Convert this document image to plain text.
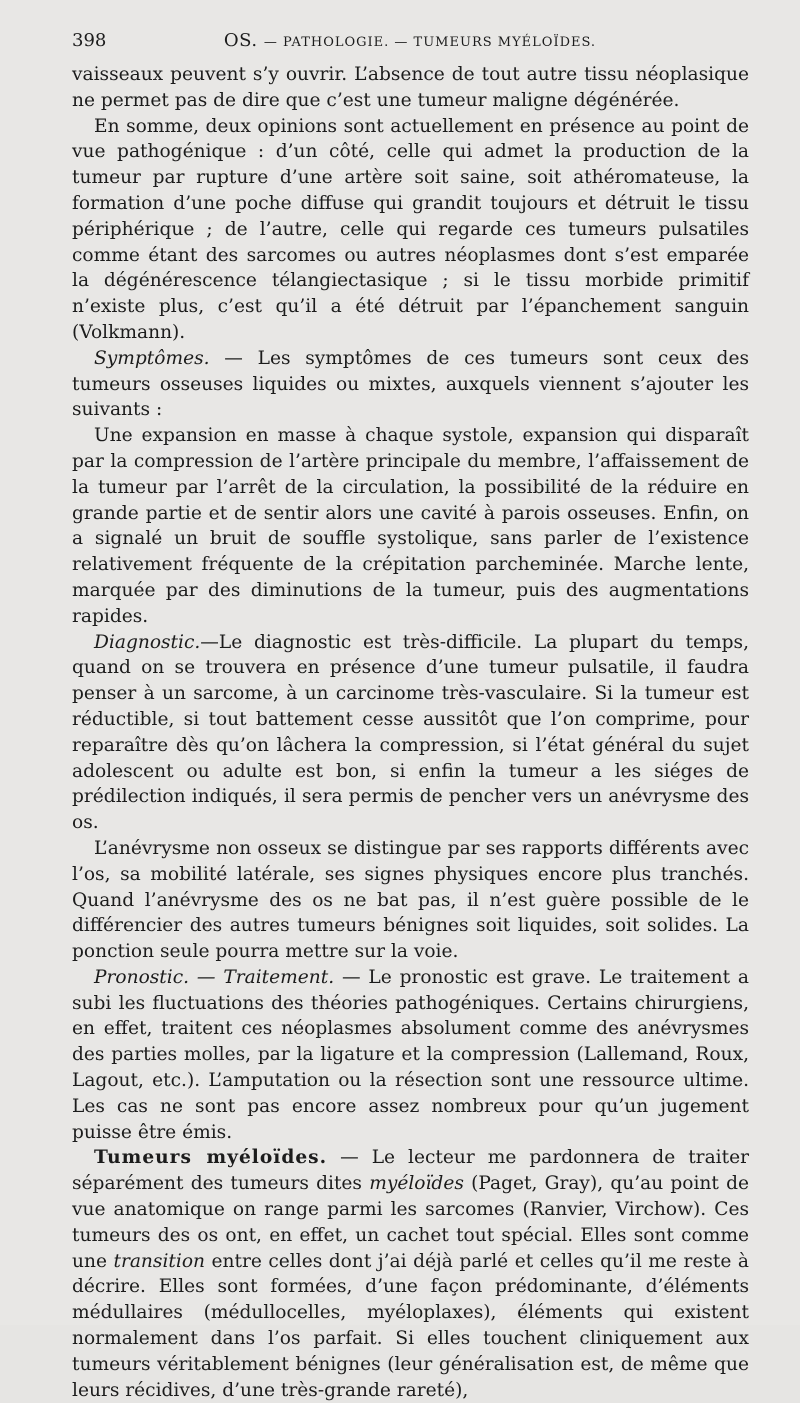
398	OS. — PATHOLOGIE. — TUMEURS MYÉLOÏDES.

vaisseaux peuvent s’y ouvrir. L’absence de tout autre tissu néoplasique ne permet pas de dire que c’est une tumeur maligne dégénérée.

En somme, deux opinions sont actuellement en présence au point de vue pathogénique : d’un côté, celle qui admet la production de la tumeur par rupture d’une artère soit saine, soit athéromateuse, la formation d’une poche diffuse qui grandit toujours et détruit le tissu périphérique ; de l’autre, celle qui regarde ces tumeurs pulsatiles comme étant des sarcomes ou autres néoplasmes dont s’est emparée la dégénérescence télangiectasique ; si le tissu morbide primitif n’existe plus, c’est qu’il a été détruit par l’épanchement sanguin (Volkmann).

Symptômes. — Les symptômes de ces tumeurs sont ceux des tumeurs osseuses liquides ou mixtes, auxquels viennent s’ajouter les suivants :

Une expansion en masse à chaque systole, expansion qui disparaît par la compression de l’artère principale du membre, l’affaissement de la tumeur par l’arrêt de la circulation, la possibilité de la réduire en grande partie et de sentir alors une cavité à parois osseuses. Enfin, on a signalé un bruit de souffle systolique, sans parler de l’existence relativement fréquente de la crépitation parcheminée. Marche lente, marquée par des diminutions de la tumeur, puis des augmentations rapides.

Diagnostic.—Le diagnostic est très-difficile. La plupart du temps, quand on se trouvera en présence d’une tumeur pulsatile, il faudra penser à un sarcome, à un carcinome très-vasculaire. Si la tumeur est réductible, si tout battement cesse aussitôt que l’on comprime, pour reparaître dès qu’on lâchera la compression, si l’état général du sujet adolescent ou adulte est bon, si enfin la tumeur a les siéges de prédilection indiqués, il sera permis de pencher vers un anévrysme des os.

L’anévrysme non osseux se distingue par ses rapports différents avec l’os, sa mobilité latérale, ses signes physiques encore plus tranchés. Quand l’anévrysme des os ne bat pas, il n’est guère possible de le différencier des autres tumeurs bénignes soit liquides, soit solides. La ponction seule pourra mettre sur la voie.

Pronostic. — Traitement. — Le pronostic est grave. Le traitement a subi les fluctuations des théories pathogéniques. Certains chirurgiens, en effet, traitent ces néoplasmes absolument comme des anévrysmes des parties molles, par la ligature et la compression (Lallemand, Roux, Lagout, etc.). L’amputation ou la résection sont une ressource ultime. Les cas ne sont pas encore assez nombreux pour qu’un jugement puisse être émis.

Tumeurs myéloïdes. — Le lecteur me pardonnera de traiter séparément des tumeurs dites myéloïdes (Paget, Gray), qu’au point de vue anatomique on range parmi les sarcomes (Ranvier, Virchow). Ces tumeurs des os ont, en effet, un cachet tout spécial. Elles sont comme une transition entre celles dont j’ai déjà parlé et celles qu’il me reste à décrire. Elles sont formées, d’une façon prédominante, d’éléments médullaires (médullocelles, myéloplaxes), éléments qui existent normalement dans l’os parfait. Si elles touchent cliniquement aux tumeurs véritablement bénignes (leur généralisation est, de même que leurs récidives, d’une très-grande rareté),
